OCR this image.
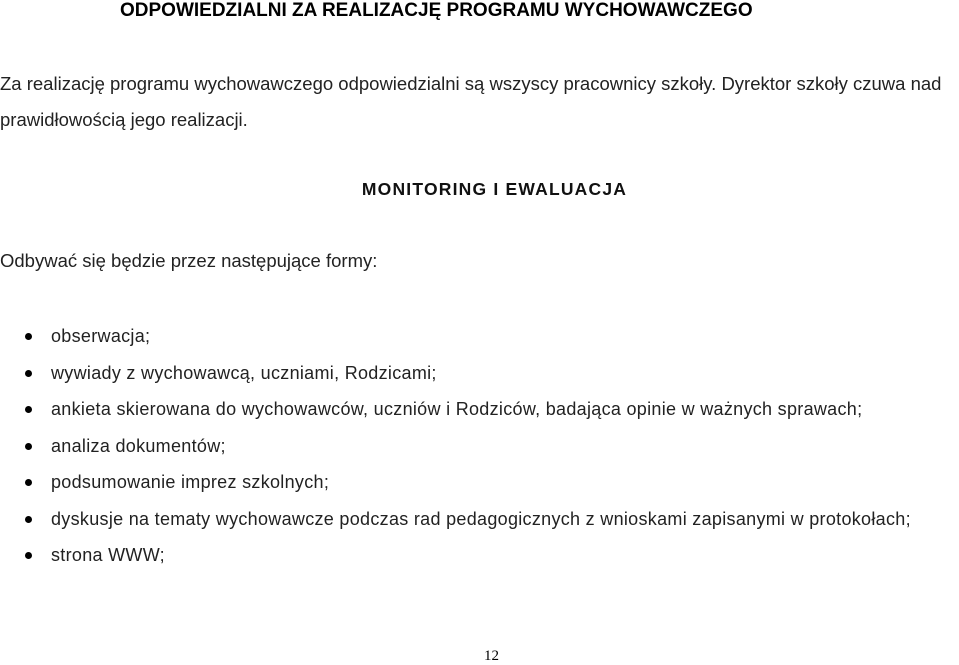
ODPOWIEDZIALNI ZA REALIZACJĘ PROGRAMU WYCHOWAWCZEGO
Za realizację programu wychowawczego odpowiedzialni są wszyscy pracownicy szkoły. Dyrektor szkoły czuwa nad prawidłowością jego realizacji.
MONITORING I EWALUACJA
Odbywać się będzie przez następujące formy:
obserwacja;
wywiady z wychowawcą, uczniami, Rodzicami;
ankieta skierowana do wychowawców, uczniów i Rodziców, badająca opinie w ważnych sprawach;
analiza dokumentów;
podsumowanie imprez szkolnych;
dyskusje na tematy wychowawcze podczas rad pedagogicznych z wnioskami zapisanymi w protokołach;
strona WWW;
12
